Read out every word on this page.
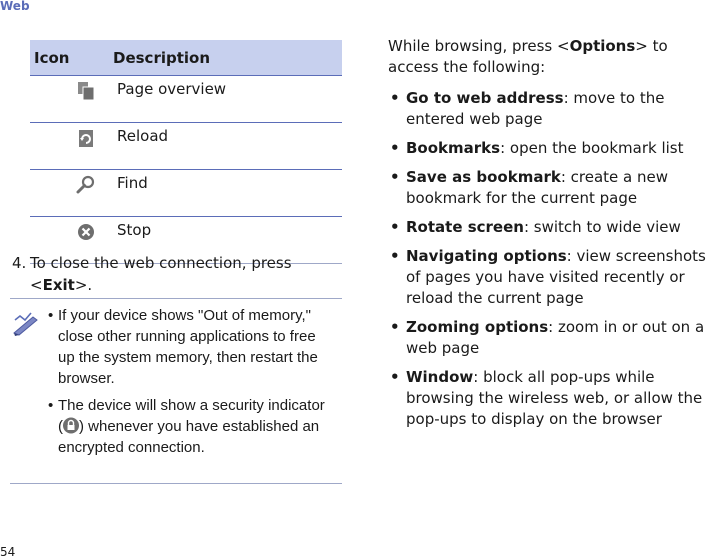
Web
Icon	Description

	Page overview

	Reload

	Find

	Stop
4. To close the web connection, press
<Exit>.
• If your device shows "Out of memory," close other running applications to free up the system memory, then restart the browser.
• The device will show a security indicator ( ) whenever you have established an encrypted connection.

While browsing, press <Options> to access the following:

• Go to web address: move to the entered web page
• Bookmarks: open the bookmark list
• Save as bookmark: create a new bookmark for the current page
• Rotate screen: switch to wide view
• Navigating options: view screenshots of pages you have visited recently or reload the current page
• Zooming options: zoom in or out on a web page
• Window: block all pop-ups while browsing the wireless web, or allow the pop-ups to display on the browser
54
